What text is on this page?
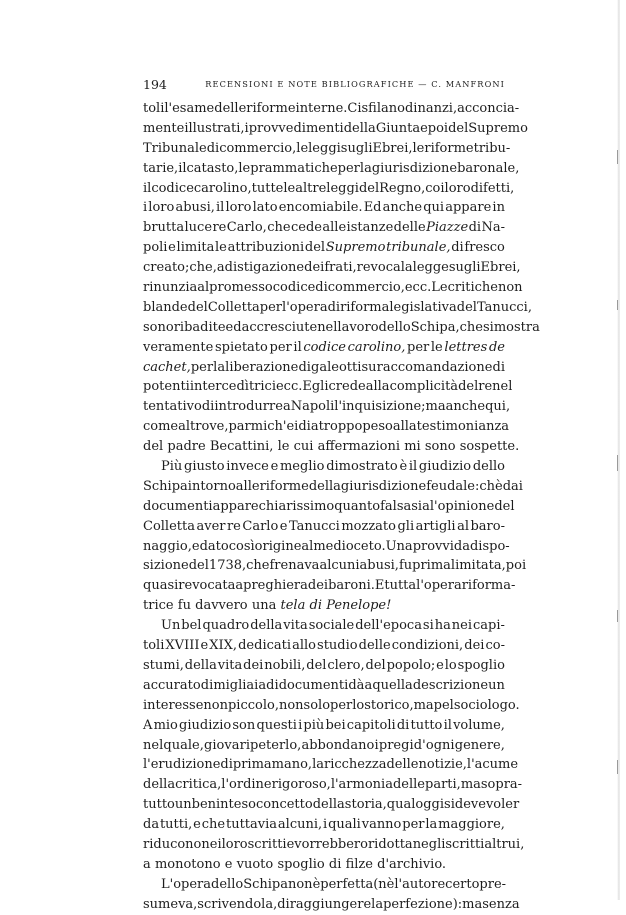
194	RECENSIONI E NOTE BIBLIOGRAFICHE — C. MANFRONI
toli l'esame delle riforme interne. Ci sfilano dinanzi, acconcia-
mente illustrati, i provvedimenti della Giunta e poi del Supremo
Tribunale di commercio, le leggi sugli Ebrei, le riforme tribu-
tarie, il catasto, le prammatiche per la giurisdizione baronale,
il codice carolino, tutte le altre leggi del Regno, coi loro difetti,
i loro abusi, il loro lato encomiabile. Ed anche qui appare in
brutta luce re Carlo, che cede alle istanze delle Piazze di Na-
poli e limita le attribuzioni del Supremo tribunale, di fresco
creato; che, ad istigazione dei frati, revoca la legge sugli Ebrei,
rinunzia al promesso codice di commercio, ecc. Le critiche non
blande del Colletta per l'opera di riforma legislativa del Tanucci,
sono ribadite ed accresciute nel lavoro dello Schipa, che si mostra
veramente spietato per il codice carolino, per le lettres de
cachet, per la liberazione di galeotti su raccomandazione di
potenti intercedìtrici ecc. Egli crede alla complicità del re nel
tentativo di introdurre a Napoli l'inquisizione; ma anche qui,
come altrove, parmi ch'ei dia troppo peso alla testimonianza
del padre Becattini, le cui affermazioni mi sono sospette.
Più giusto invece e meglio dimostrato è il giudizio dello
Schipa intorno alle riforme della giurisdizione feudale: chè dai
documenti appare chiarissimo quanto falsa sia l'opinione del
Colletta aver re Carlo e Tanucci mozzato gli artigli al baro-
naggio, e dato così origine al medio ceto. Una provvida dispo-
sizione del 1738, che frenava alcuni abusi, fu prima limitata, poi
quasi revocata a preghiera dei baroni. E tutta l'opera riforma-
trice fu davvero una tela di Penelope!
Un bel quadro della vita sociale dell'epoca si ha nei capi-
toli XVIII e XIX, dedicati allo studio delle condizioni, dei co-
stumi, della vita dei nobili, del clero, del popolo; e lo spoglio
accurato di migliaia di documenti dà a quella descrizione un
interesse non piccolo, non solo per lo storico, ma pel sociologo.
A mio giudizio son questi i più bei capitoli di tutto il volume,
nel quale, giova ripeterlo, abbondano i pregi d' ogni genere,
l'erudizione di prima mano, la ricchezza delle notizie, l'acume
della critica, l'ordine rigoroso, l'armonia delle parti, ma sopra-
tutto un ben inteso concetto della storia, qual oggi si deve voler
da tutti, e che tuttavia alcuni, i quali vanno per la maggiore,
riducono nei loro scritti e vorrebbero ridotta negli scritti altrui,
a monotono e vuoto spoglio di filze d'archivio.
L'opera dello Schipa non è perfetta (nè l'autore certo pre-
sumeva, scrivendola, di raggiungere la perfezione): ma senza
